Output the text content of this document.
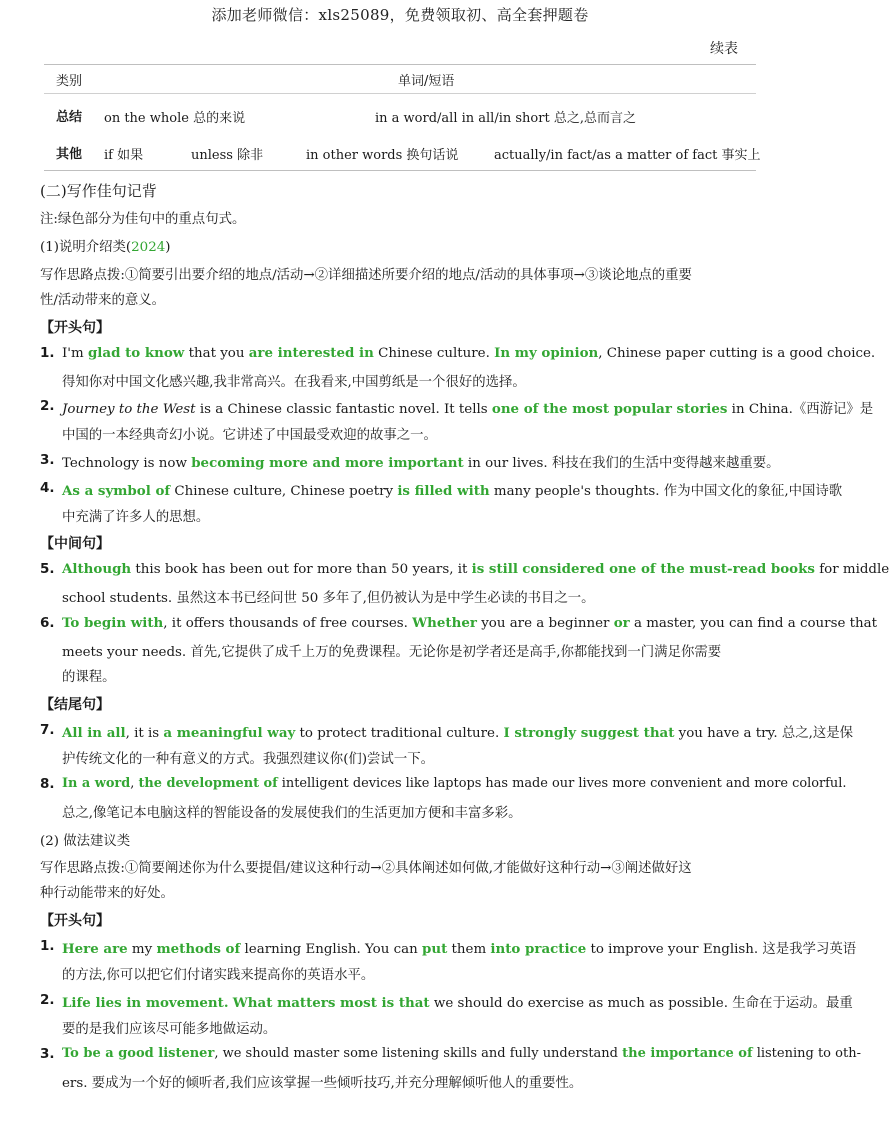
添加老师微信：xls25089，免费领取初、高全套押题卷
续表
类别	单词/短语
总结 on the whole 总的来说	in a word/all in all/in short 总之,总而言之
其他 if 如果	unless 除非	in other words 换句话说	actually/in fact/as a matter of fact 事实上
(二)写作佳句记背
注:绿色部分为佳句中的重点句式。
(1)说明介绍类(2024)
写作思路点拨:①简要引出要介绍的地点/活动→②详细描述所要介绍的地点/活动的具体事项→③谈论地点的重要
性/活动带来的意义。
【开头句】
1. I'm glad to know that you are interested in Chinese culture. In my opinion, Chinese paper cutting is a good choice.
得知你对中国文化感兴趣,我非常高兴。在我看来,中国剪纸是一个很好的选择。
2. Journey to the West is a Chinese classic fantastic novel. It tells one of the most popular stories in China.《西游记》是
中国的一本经典奇幻小说。它讲述了中国最受欢迎的故事之一。
3. Technology is now becoming more and more important in our lives. 科技在我们的生活中变得越来越重要。
4. As a symbol of Chinese culture, Chinese poetry is filled with many people's thoughts. 作为中国文化的象征,中国诗歌
中充满了许多人的思想。
【中间句】
5. Although this book has been out for more than 50 years, it is still considered one of the must-read books for middle
school students. 虽然这本书已经问世 50 多年了,但仍被认为是中学生必读的书目之一。
6. To begin with, it offers thousands of free courses. Whether you are a beginner or a master, you can find a course that
meets your needs. 首先,它提供了成千上万的免费课程。无论你是初学者还是高手,你都能找到一门满足你需要
的课程。
【结尾句】
7. All in all, it is a meaningful way to protect traditional culture. I strongly suggest that you have a try. 总之,这是保
护传统文化的一种有意义的方式。我强烈建议你(们)尝试一下。
8. In a word, the development of intelligent devices like laptops has made our lives more convenient and more colorful.
总之,像笔记本电脑这样的智能设备的发展使我们的生活更加方便和丰富多彩。
(2) 做法建议类
写作思路点拨:①简要阐述你为什么要提倡/建议这种行动→②具体阐述如何做,才能做好这种行动→③阐述做好这
种行动能带来的好处。
【开头句】
1. Here are my methods of learning English. You can put them into practice to improve your English. 这是我学习英语
的方法,你可以把它们付诸实践来提高你的英语水平。
2. Life lies in movement. What matters most is that we should do exercise as much as possible. 生命在于运动。最重
要的是我们应该尽可能多地做运动。
3. To be a good listener, we should master some listening skills and fully understand the importance of listening to oth-
ers. 要成为一个好的倾听者,我们应该掌握一些倾听技巧,并充分理解倾听他人的重要性。
